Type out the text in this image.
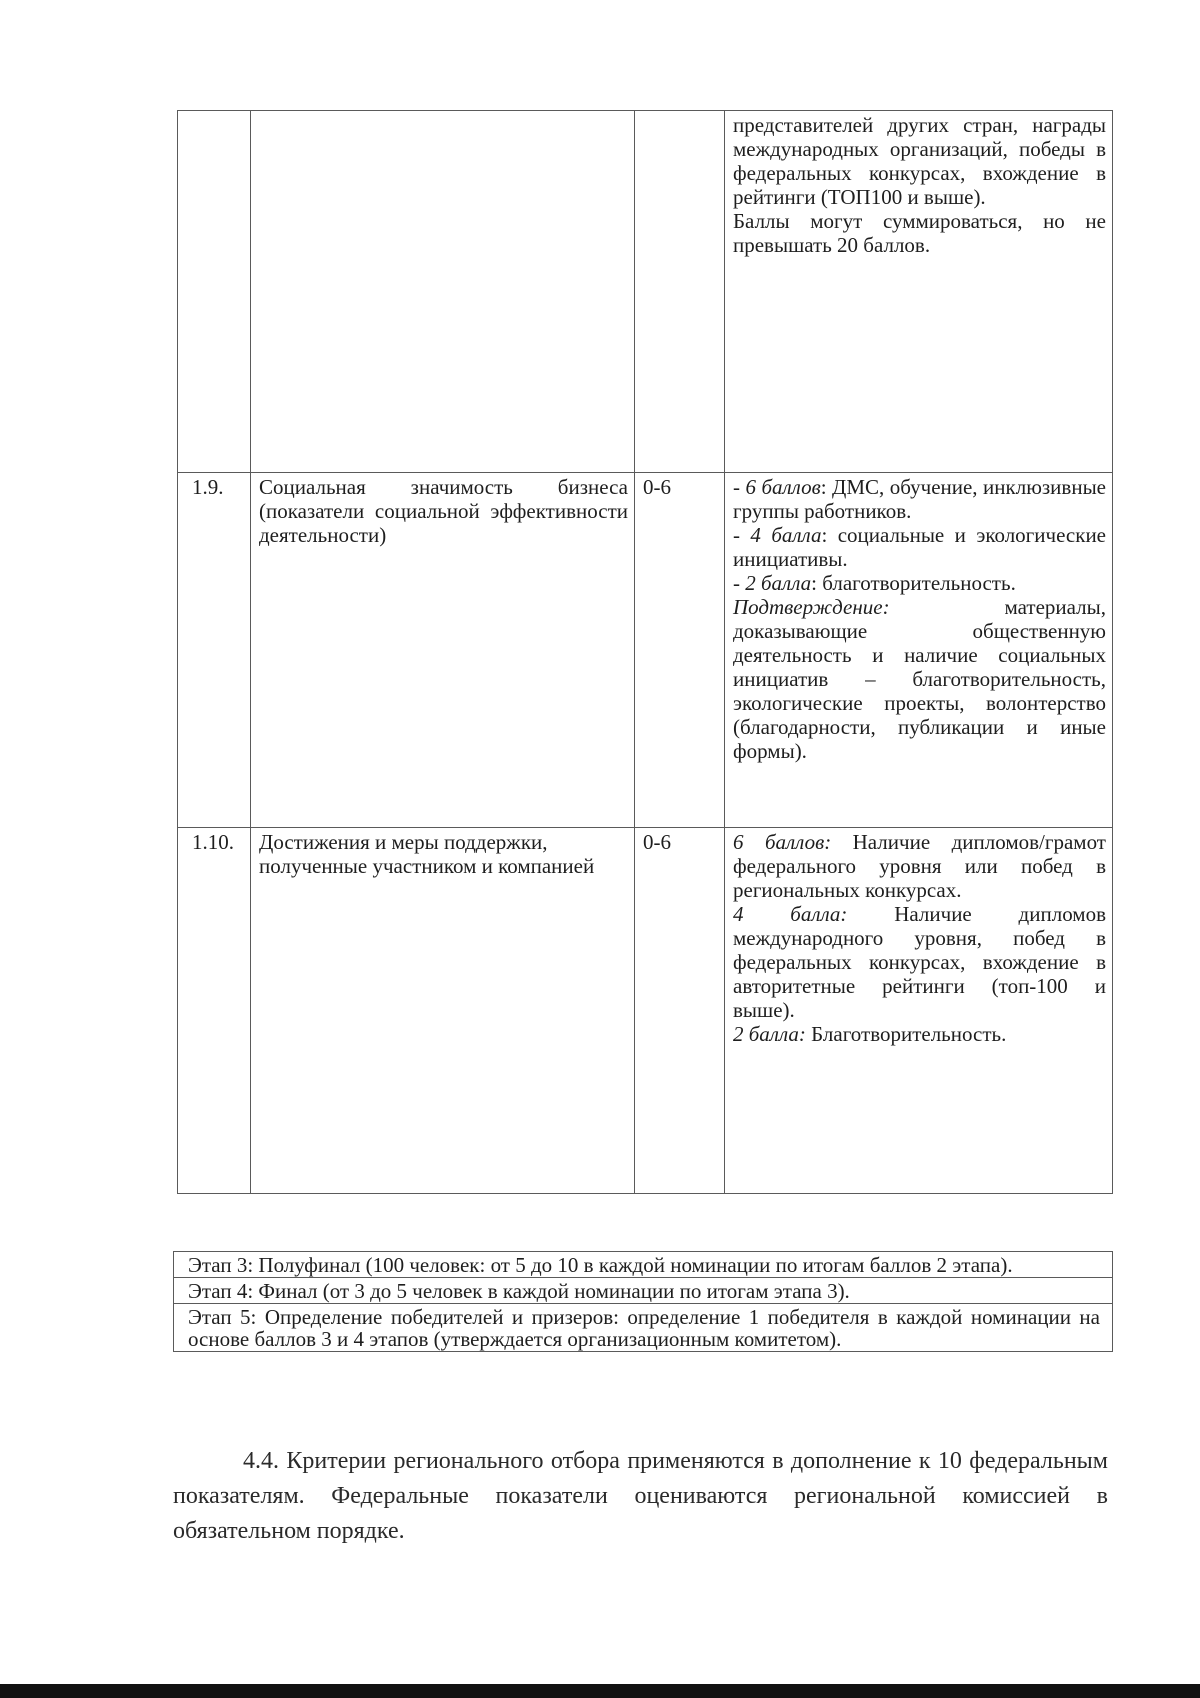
			представителей других стран, награды международных организаций, победы в федеральных конкурсах, вхождение в рейтинги (ТОП100 и выше).
Баллы могут суммироваться, но не превышать 20 баллов.

1.9.	Социальная значимость бизнеса (показатели социальной эффективности деятельности)	0-6	- 6 баллов: ДМС, обучение, инклюзивные группы работников.
- 4 балла: социальные и экологические инициативы.
- 2 балла: благотворительность.
Подтверждение: материалы, доказывающие общественную деятельность и наличие социальных инициатив – благотворительность, экологические проекты, волонтерство (благодарности, публикации и иные формы).

1.10.	Достижения и меры поддержки, полученные участником и компанией	0-6	6 баллов: Наличие дипломов/грамот федерального уровня или побед в региональных конкурсах.
4 балла: Наличие дипломов международного уровня, побед в федеральных конкурсах, вхождение в авторитетные рейтинги (топ-100 и выше).
2 балла: Благотворительность.
Этап 3: Полуфинал (100 человек: от 5 до 10 в каждой номинации по итогам баллов 2 этапа).
Этап 4: Финал (от 3 до 5 человек в каждой номинации по итогам этапа 3).
Этап 5: Определение победителей и призеров: определение 1 победителя в каждой номинации на основе баллов 3 и 4 этапов (утверждается организационным комитетом).

4.4. Критерии регионального отбора применяются в дополнение к 10 федеральным показателям. Федеральные показатели оцениваются региональной комиссией в обязательном порядке.
